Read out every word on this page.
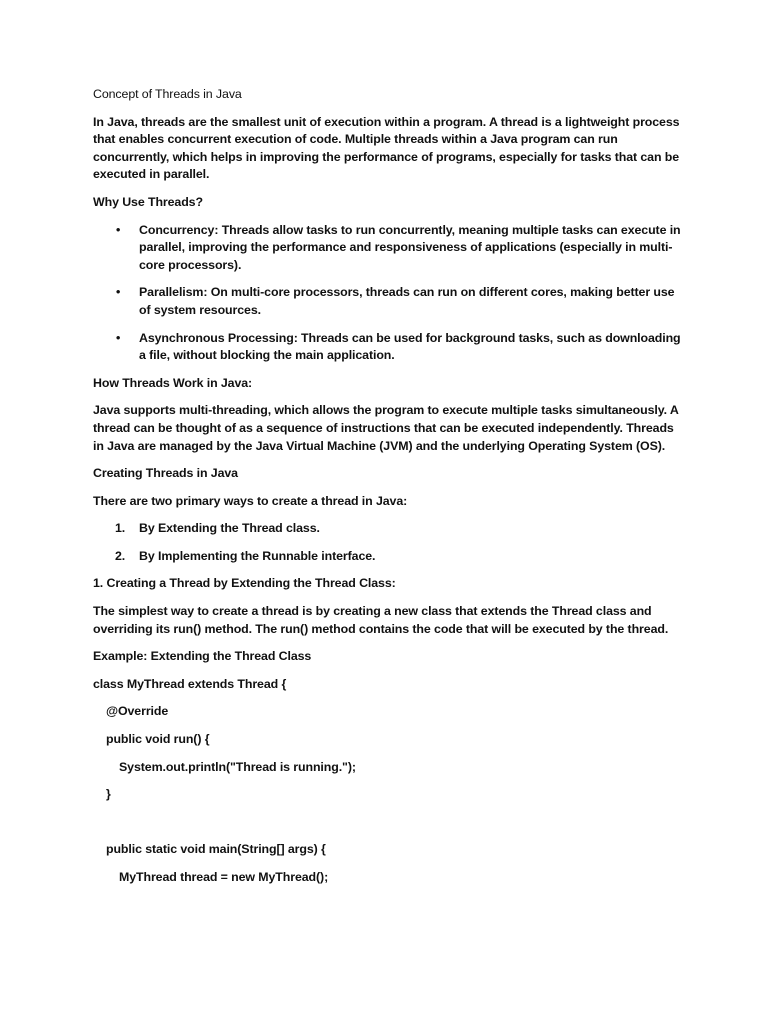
Concept of Threads in Java

In Java, threads are the smallest unit of execution within a program. A thread is a lightweight process that enables concurrent execution of code. Multiple threads within a Java program can run concurrently, which helps in improving the performance of programs, especially for tasks that can be executed in parallel.

Why Use Threads?

• Concurrency: Threads allow tasks to run concurrently, meaning multiple tasks can execute in parallel, improving the performance and responsiveness of applications (especially in multi-core processors).
• Parallelism: On multi-core processors, threads can run on different cores, making better use of system resources.
• Asynchronous Processing: Threads can be used for background tasks, such as downloading a file, without blocking the main application.

How Threads Work in Java:

Java supports multi-threading, which allows the program to execute multiple tasks simultaneously. A thread can be thought of as a sequence of instructions that can be executed independently. Threads in Java are managed by the Java Virtual Machine (JVM) and the underlying Operating System (OS).

Creating Threads in Java

There are two primary ways to create a thread in Java:

1. By Extending the Thread class.
2. By Implementing the Runnable interface.

1. Creating a Thread by Extending the Thread Class:

The simplest way to create a thread is by creating a new class that extends the Thread class and overriding its run() method. The run() method contains the code that will be executed by the thread.

Example: Extending the Thread Class

class MyThread extends Thread {

@Override

public void run() {

System.out.println("Thread is running.");

}

public static void main(String[] args) {

MyThread thread = new MyThread();
